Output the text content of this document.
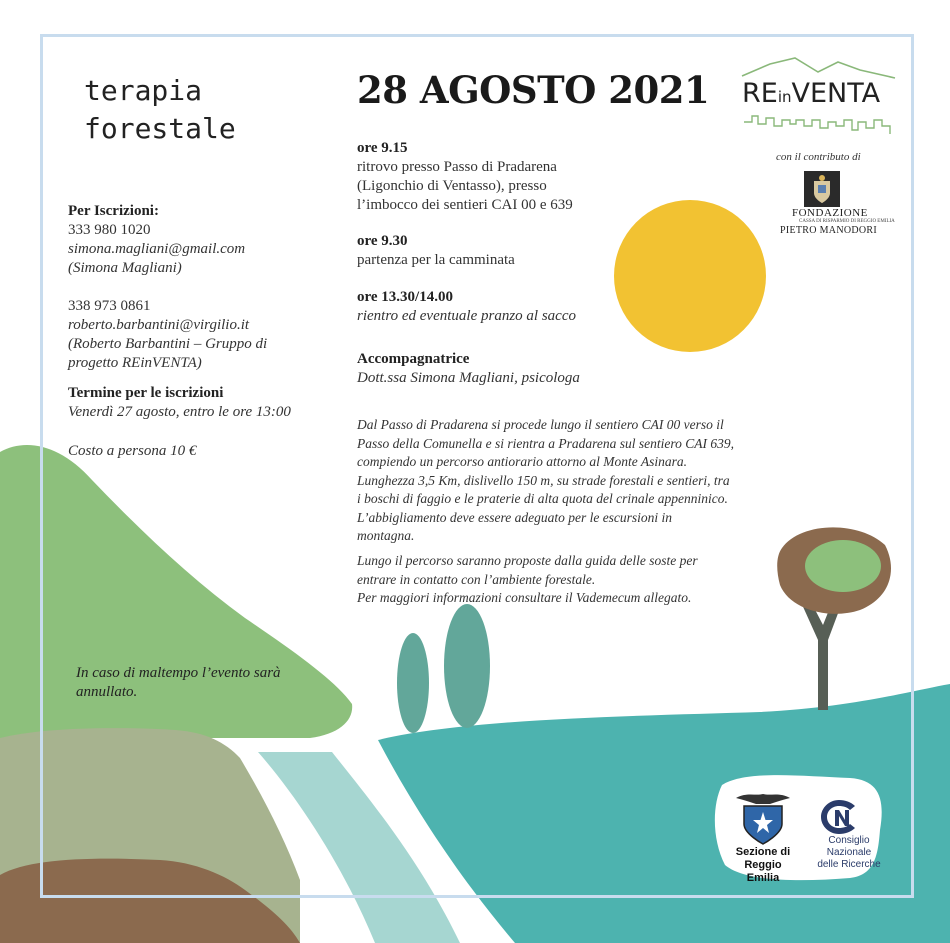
terapia
forestale
28 AGOSTO 2021 REinVENTA
con il contributo di
FONDAZIONE
CASSA DI RISPARMIO DI REGGIO EMILIA
PIETRO MANODORI
Per Iscrizioni:
333 980 1020
simona.magliani@gmail.com
(Simona Magliani)
338 973 0861
roberto.barbantini@virgilio.it
(Roberto Barbantini – Gruppo di
progetto REinVENTA)
Termine per le iscrizioni
Venerdì 27 agosto, entro le ore 13:00
Costo a persona 10 €
ore 9.15
ritrovo presso Passo di Pradarena
(Ligonchio di Ventasso), presso
l’imbocco dei sentieri CAI 00 e 639
ore 9.30
partenza per la camminata
ore 13.30/14.00
rientro ed eventuale pranzo al sacco
Accompagnatrice
Dott.ssa Simona Magliani, psicologa
Dal Passo di Pradarena si procede lungo il sentiero CAI 00 verso il
Passo della Comunella e si rientra a Pradarena sul sentiero CAI 639,
compiendo un percorso antiorario attorno al Monte Asinara.
Lunghezza 3,5 Km, dislivello 150 m, su strade forestali e sentieri, tra
i boschi di faggio e le praterie di alta quota del crinale appenninico.
L’abbigliamento deve essere adeguato per le escursioni in
montagna.
Lungo il percorso saranno proposte dalla guida delle soste per
entrare in contatto con l’ambiente forestale.
Per maggiori informazioni consultare il Vademecum allegato.
In caso di maltempo l’evento sarà
annullato.
Sezione di
Reggio Emilia
Consiglio Nazionale
delle Ricerche
